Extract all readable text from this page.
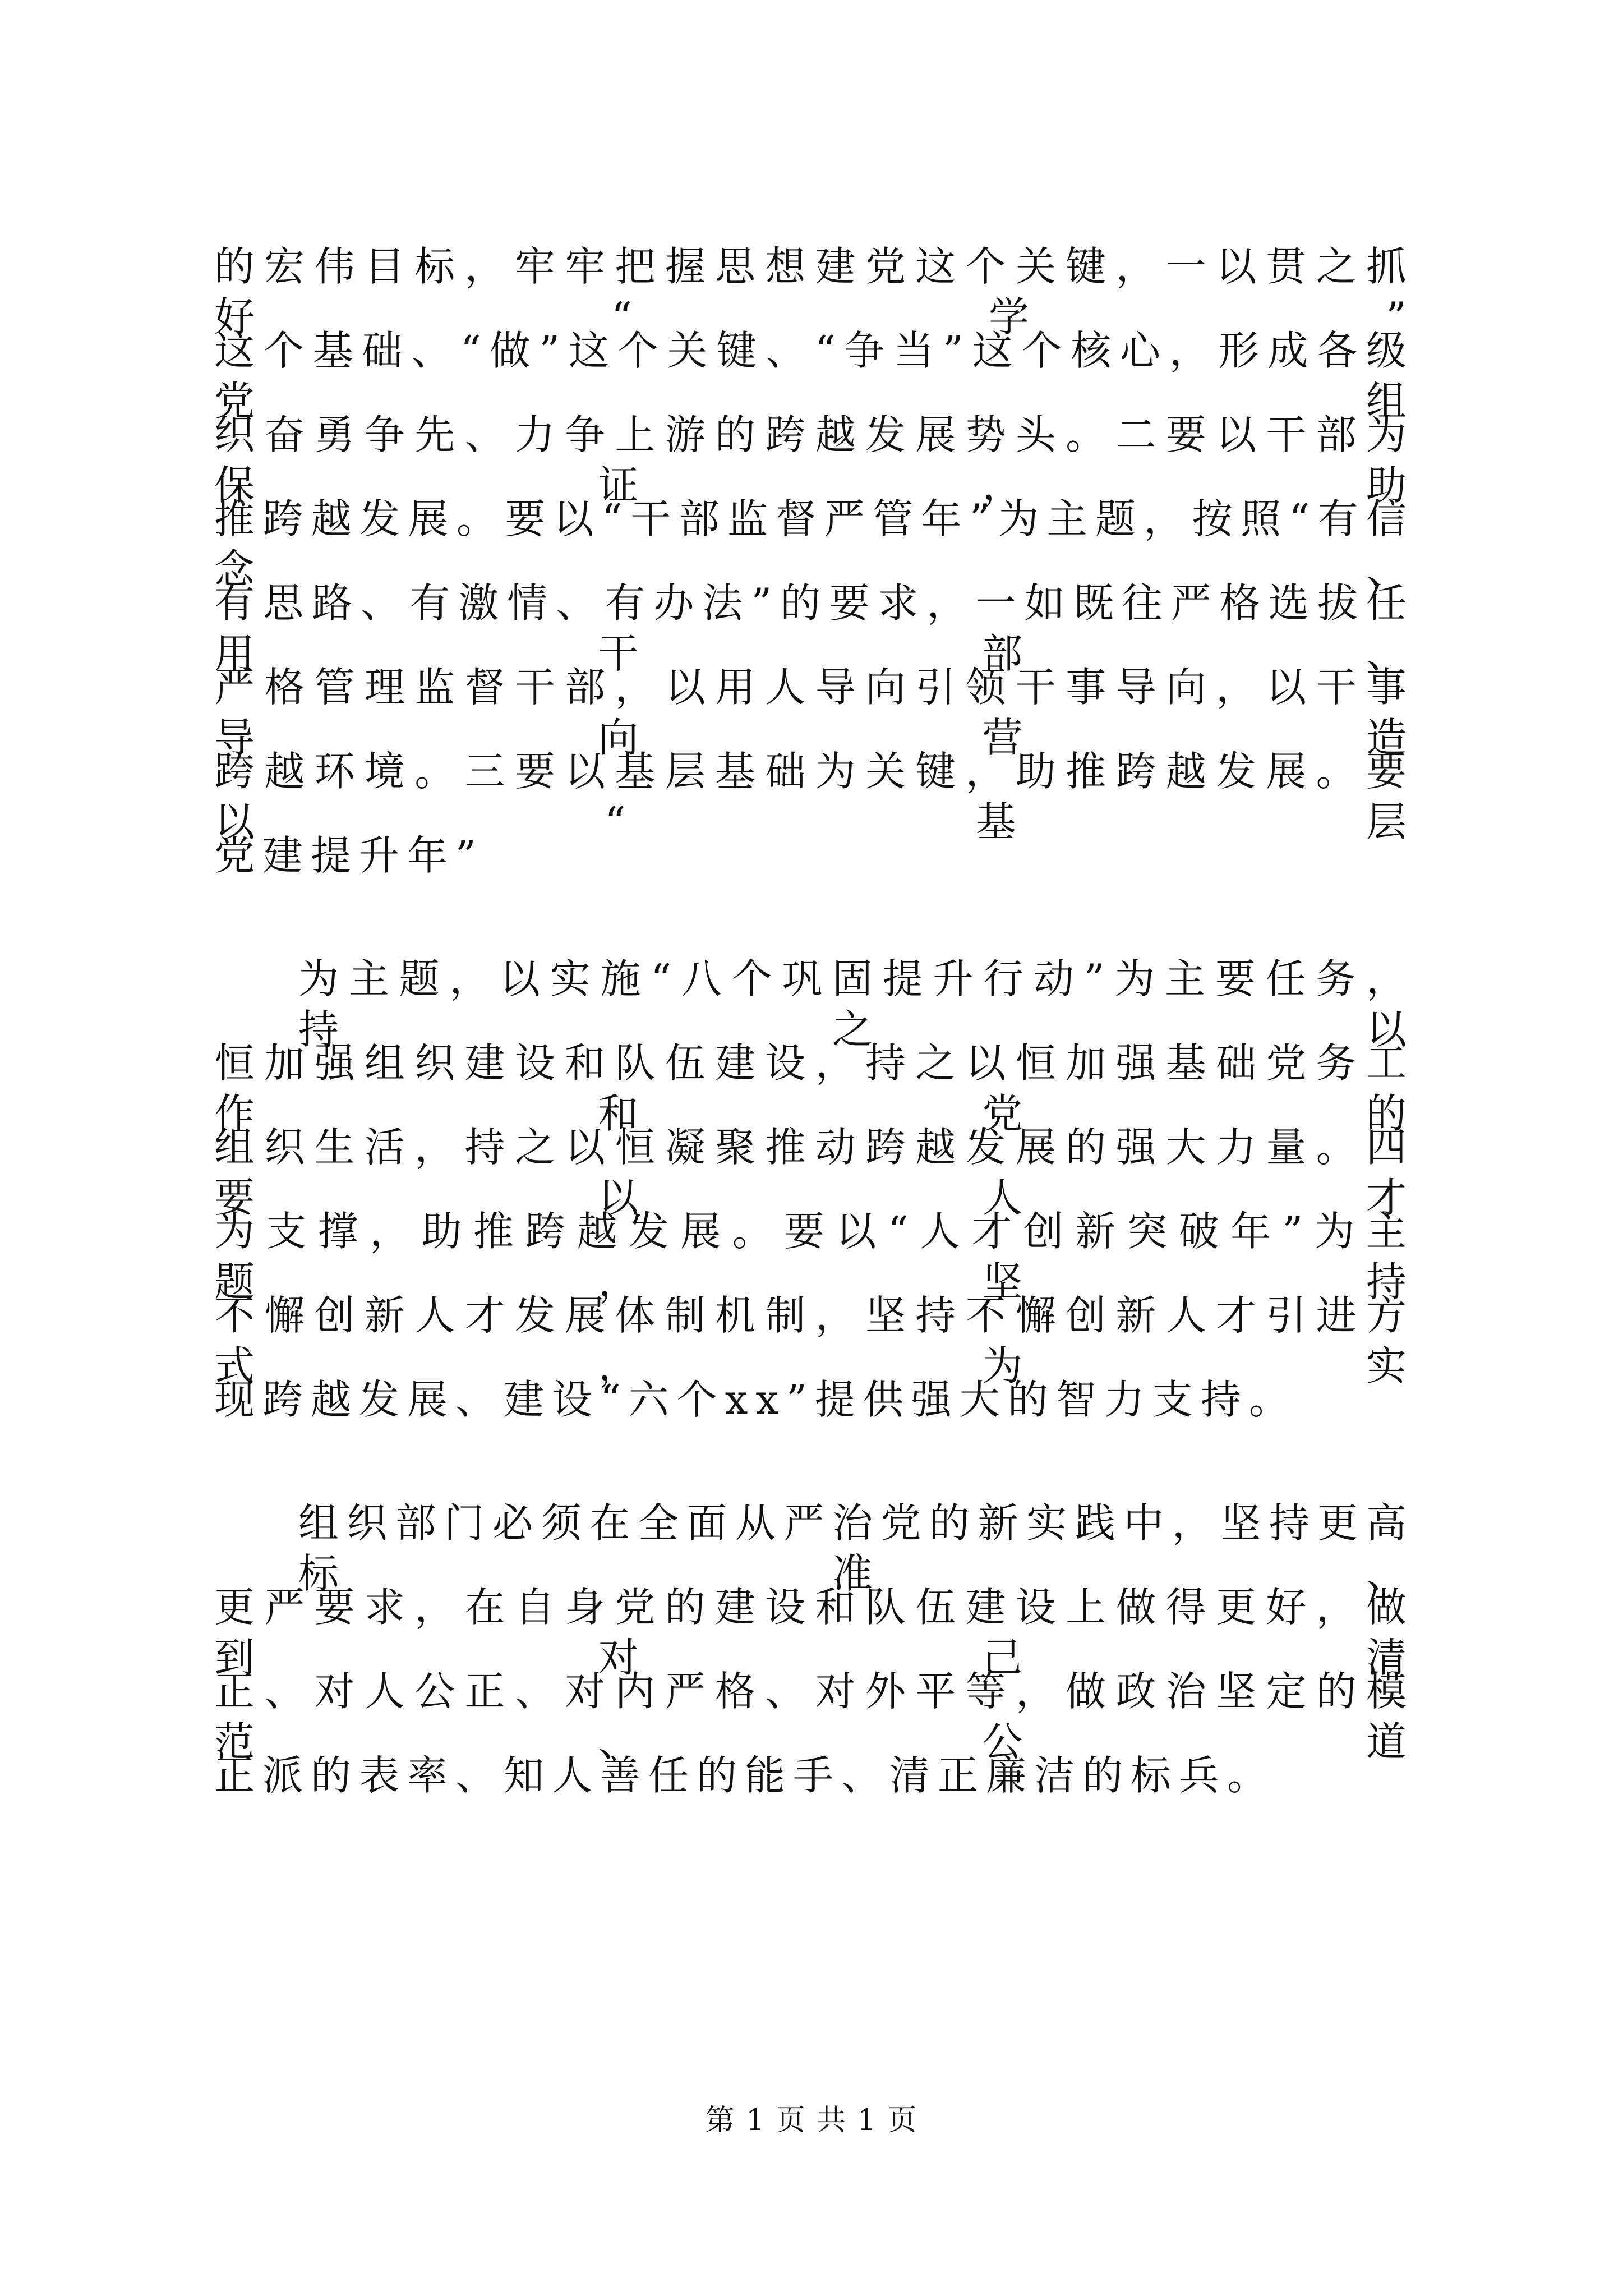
的宏伟目标，牢牢把握思想建党这个关键，一以贯之抓好“学”
这个基础、“做”这个关键、“争当”这个核心，形成各级党组
织奋勇争先、力争上游的跨越发展势头。二要以干部为保证，助
推跨越发展。要以“干部监督严管年”为主题，按照“有信念、
有思路、有激情、有办法”的要求，一如既往严格选拔任用干部、
严格管理监督干部，以用人导向引领干事导向，以干事导向营造
跨越环境。三要以基层基础为关键，助推跨越发展。要以“基层
党建提升年”
为主题，以实施“八个巩固提升行动”为主要任务，持之以
恒加强组织建设和队伍建设，持之以恒加强基础党务工作和党的
组织生活，持之以恒凝聚推动跨越发展的强大力量。四要以人才
为支撑，助推跨越发展。要以“人才创新突破年”为主题，坚持
不懈创新人才发展体制机制，坚持不懈创新人才引进方式，为实
现跨越发展、建设“六个xx”提供强大的智力支持。
组织部门必须在全面从严治党的新实践中，坚持更高标准、
更严要求，在自身党的建设和队伍建设上做得更好，做到对己清
正、对人公正、对内严格、对外平等，做政治坚定的模范、公道
正派的表率、知人善任的能手、清正廉洁的标兵。
第 1 页 共 1 页
